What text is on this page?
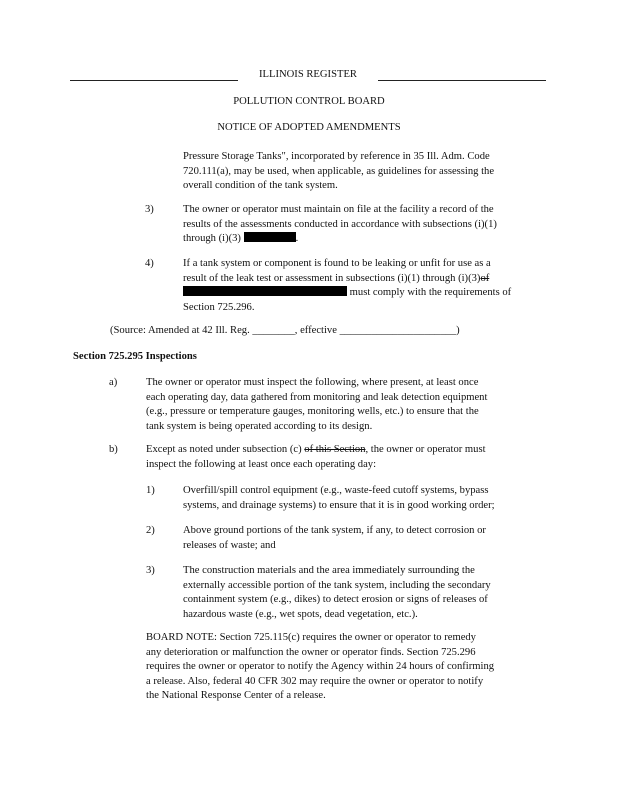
ILLINOIS REGISTER
POLLUTION CONTROL BOARD
NOTICE OF ADOPTED AMENDMENTS

Pressure Storage Tanks", incorporated by reference in 35 Ill. Adm. Code

720.111(a), may be used, when applicable, as guidelines for assessing the

overall condition of the tank system.

3)	The owner or operator must maintain on file at the facility a record of the

results of the assessments conducted in accordance with subsections (i)(1)

through (i)(3)	.

4)	If a tank system or component is found to be leaking or unfit for use as a

result of the leak test or assessment in subsections (i)(1) through (i)(3)of

must comply with the requirements of

Section 725.296.

(Source: Amended at 42 Ill. Reg. ________, effective ______________________)
Section 725.295 Inspections
a)	The owner or operator must inspect the following, where present, at least once

each operating day, data gathered from monitoring and leak detection equipment

(e.g., pressure or temperature gauges, monitoring wells, etc.) to ensure that the

tank system is being operated according to its design.

b)	Except as noted under subsection (c) of this Section, the owner or operator must

inspect the following at least once each operating day:

1)	Overfill/spill control equipment (e.g., waste-feed cutoff systems, bypass

systems, and drainage systems) to ensure that it is in good working order;

2)	Above ground portions of the tank system, if any, to detect corrosion or

releases of waste; and

3)	The construction materials and the area immediately surrounding the

externally accessible portion of the tank system, including the secondary

containment system (e.g., dikes) to detect erosion or signs of releases of

hazardous waste (e.g., wet spots, dead vegetation, etc.).

BOARD NOTE: Section 725.115(c) requires the owner or operator to remedy

any deterioration or malfunction the owner or operator finds. Section 725.296

requires the owner or operator to notify the Agency within 24 hours of confirming

a release. Also, federal 40 CFR 302 may require the owner or operator to notify

the National Response Center of a release.
